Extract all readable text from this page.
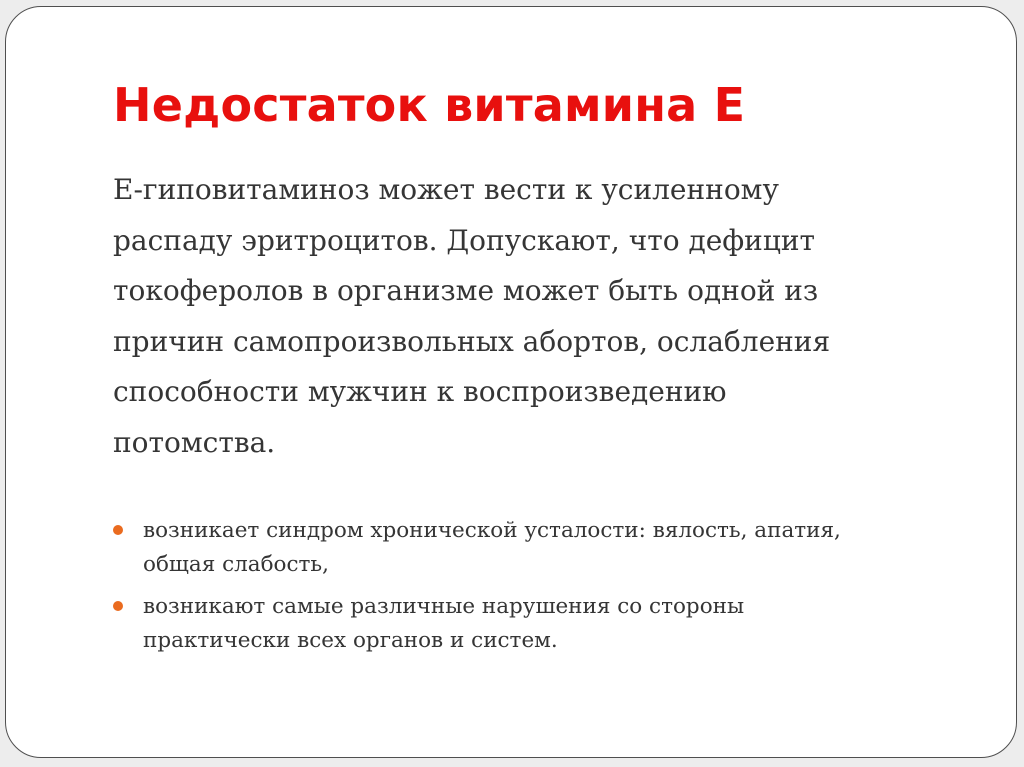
Недостаток витамина Е

Е-гиповитаминоз может вести к усиленному
распаду эритроцитов. Допускают, что дефицит
токоферолов в организме может быть одной из
причин самопроизвольных абортов, ослабления
способности мужчин к воспроизведению
потомства.

возникает синдром хронической усталости: вялость, апатия,
общая слабость,
возникают самые различные нарушения со стороны
практически всех органов и систем.
